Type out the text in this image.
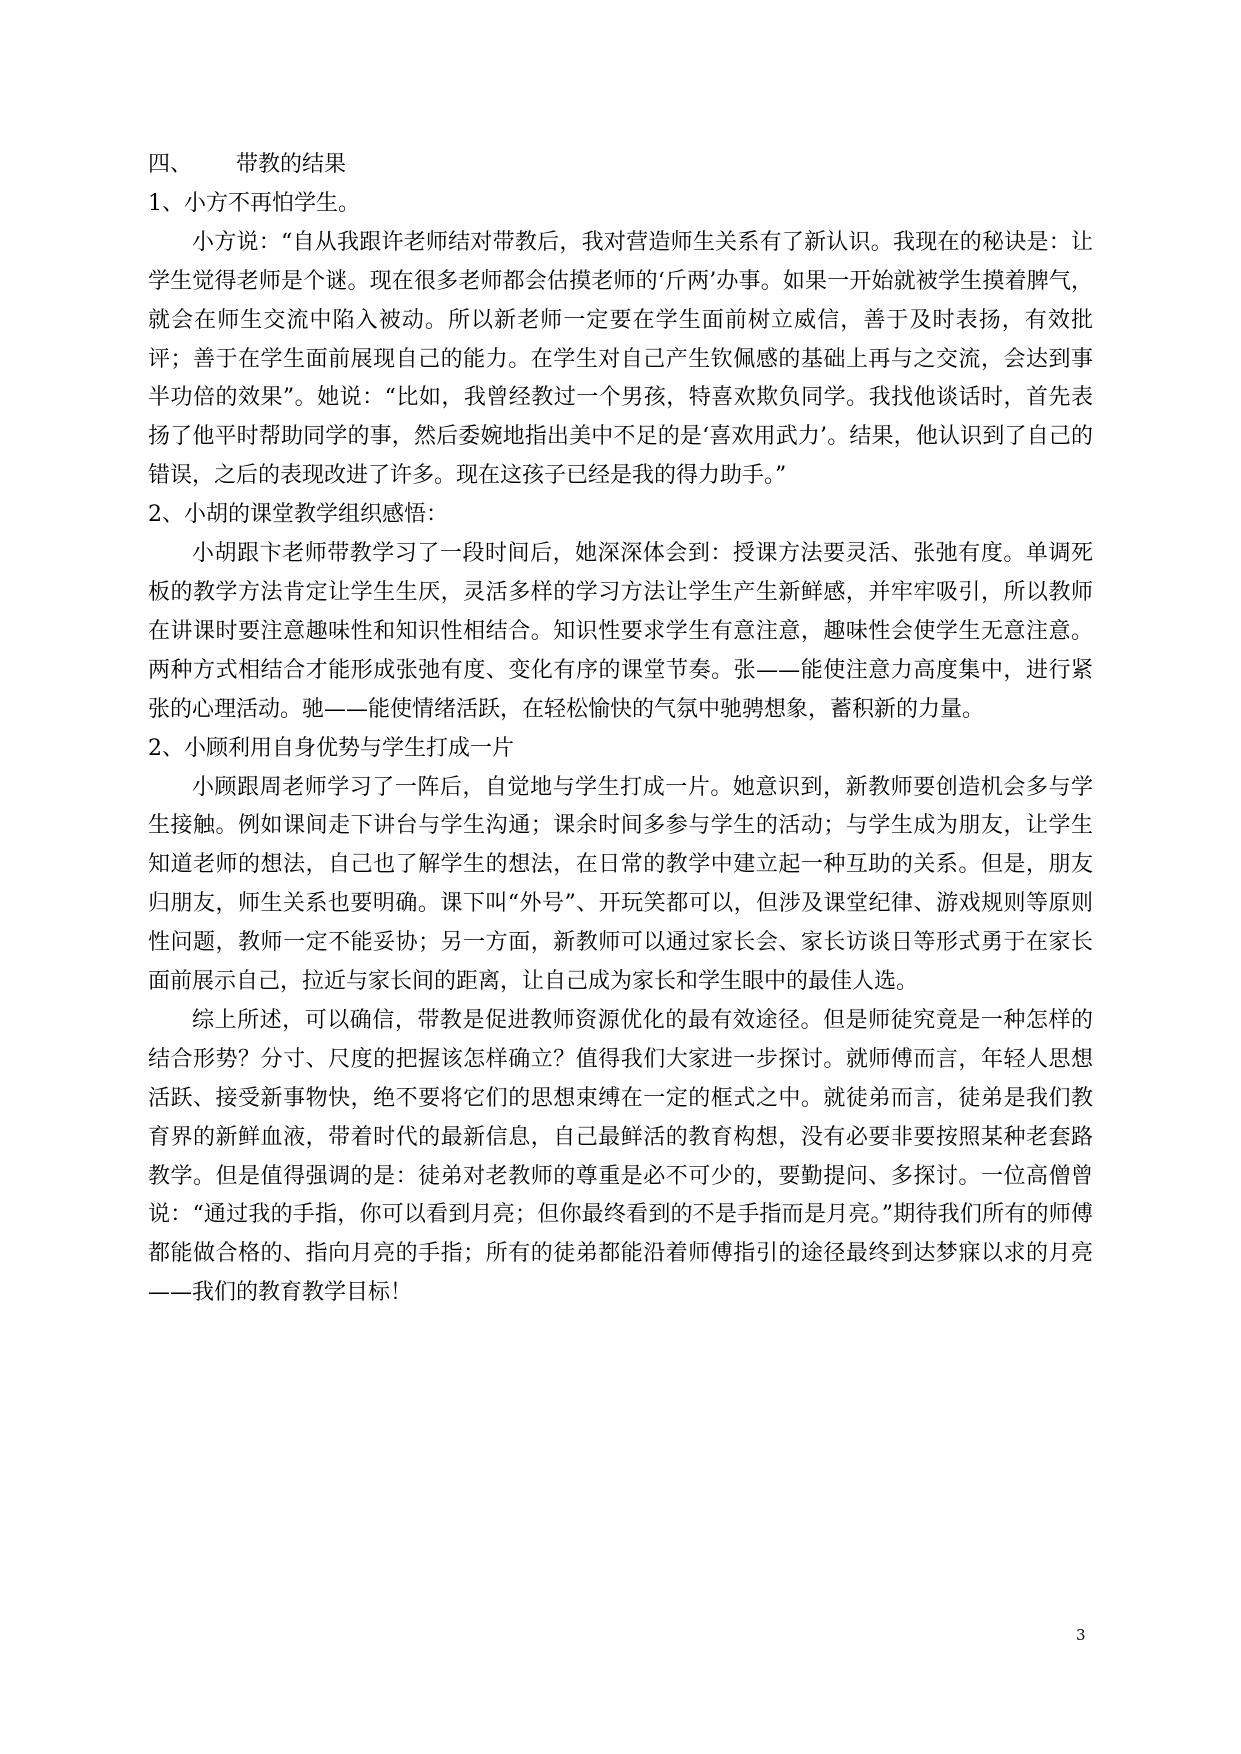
四、 带教的结果

1、小方不再怕学生。

小方说：“自从我跟许老师结对带教后，我对营造师生关系有了新认识。我现在的秘诀是：让学生觉得老师是个谜。现在很多老师都会估摸老师的‘斤两’办事。如果一开始就被学生摸着脾气，就会在师生交流中陷入被动。所以新老师一定要在学生面前树立威信，善于及时表扬，有效批评；善于在学生面前展现自己的能力。在学生对自己产生钦佩感的基础上再与之交流，会达到事半功倍的效果”。她说：“比如，我曾经教过一个男孩，特喜欢欺负同学。我找他谈话时，首先表扬了他平时帮助同学的事，然后委婉地指出美中不足的是‘喜欢用武力’。结果，他认识到了自己的错误，之后的表现改进了许多。现在这孩子已经是我的得力助手。”

2、小胡的课堂教学组织感悟：

小胡跟卞老师带教学习了一段时间后，她深深体会到：授课方法要灵活、张弛有度。单调死板的教学方法肯定让学生生厌，灵活多样的学习方法让学生产生新鲜感，并牢牢吸引，所以教师在讲课时要注意趣味性和知识性相结合。知识性要求学生有意注意，趣味性会使学生无意注意。两种方式相结合才能形成张弛有度、变化有序的课堂节奏。张——能使注意力高度集中，进行紧张的心理活动。驰——能使情绪活跃，在轻松愉快的气氛中驰骋想象，蓄积新的力量。

2、小顾利用自身优势与学生打成一片

小顾跟周老师学习了一阵后，自觉地与学生打成一片。她意识到，新教师要创造机会多与学生接触。例如课间走下讲台与学生沟通；课余时间多参与学生的活动；与学生成为朋友，让学生知道老师的想法，自己也了解学生的想法，在日常的教学中建立起一种互助的关系。但是，朋友归朋友，师生关系也要明确。课下叫“外号”、开玩笑都可以，但涉及课堂纪律、游戏规则等原则性问题，教师一定不能妥协；另一方面，新教师可以通过家长会、家长访谈日等形式勇于在家长面前展示自己，拉近与家长间的距离，让自己成为家长和学生眼中的最佳人选。

综上所述，可以确信，带教是促进教师资源优化的最有效途径。但是师徒究竟是一种怎样的结合形势？分寸、尺度的把握该怎样确立？值得我们大家进一步探讨。就师傅而言，年轻人思想活跃、接受新事物快，绝不要将它们的思想束缚在一定的框式之中。就徒弟而言，徒弟是我们教育界的新鲜血液，带着时代的最新信息，自己最鲜活的教育构想，没有必要非要按照某种老套路教学。但是值得强调的是：徒弟对老教师的尊重是必不可少的，要勤提问、多探讨。一位高僧曾说：“通过我的手指，你可以看到月亮；但你最终看到的不是手指而是月亮。”期待我们所有的师傅都能做合格的、指向月亮的手指；所有的徒弟都能沿着师傅指引的途径最终到达梦寐以求的月亮——我们的教育教学目标！

3
